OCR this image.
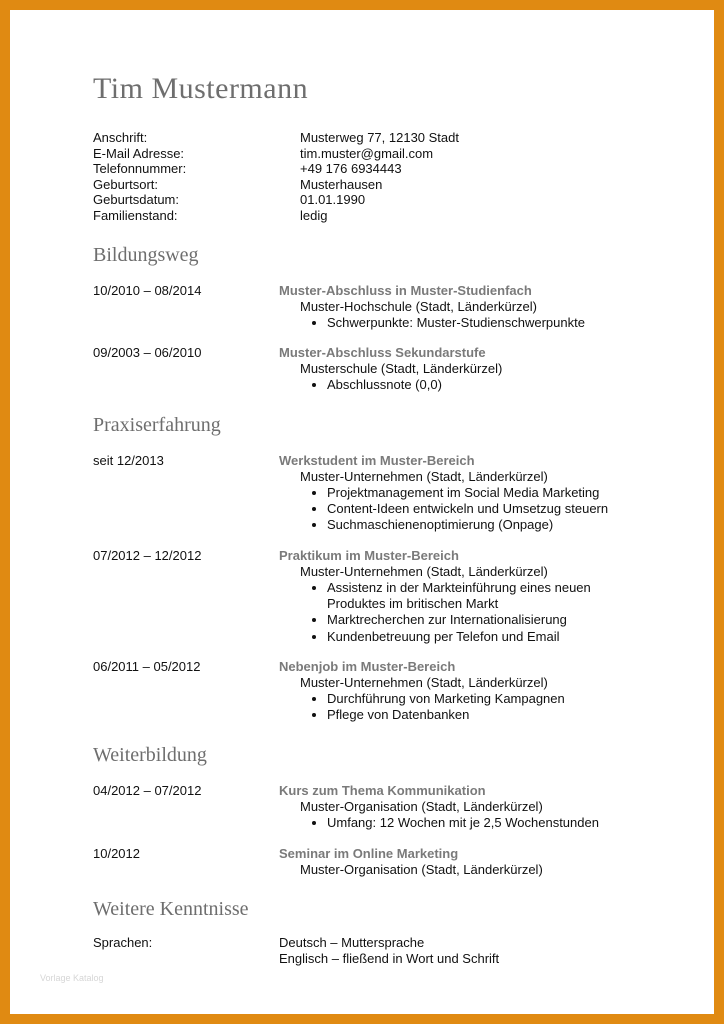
Tim Mustermann
Anschrift:	Musterweg 77, 12130 Stadt
E-Mail Adresse:	tim.muster@gmail.com
Telefonnummer:	+49 176 6934443
Geburtsort:	Musterhausen
Geburtsdatum:	01.01.1990
Familienstand:	ledig
Bildungsweg
10/2010 – 08/2014	Muster-Abschluss in Muster-Studienfach
Muster-Hochschule (Stadt, Länderkürzel)
• Schwerpunkte: Muster-Studienschwerpunkte
09/2003 – 06/2010	Muster-Abschluss Sekundarstufe
Musterschule (Stadt, Länderkürzel)
• Abschlussnote (0,0)
Praxiserfahrung
seit 12/2013	Werkstudent im Muster-Bereich
Muster-Unternehmen (Stadt, Länderkürzel)
• Projektmanagement im Social Media Marketing
• Content-Ideen entwickeln und Umsetzug steuern
• Suchmaschienenoptimierung (Onpage)
07/2012 – 12/2012	Praktikum im Muster-Bereich
Muster-Unternehmen (Stadt, Länderkürzel)
• Assistenz in der Markteinführung eines neuen Produktes im britischen Markt
• Marktrecherchen zur Internationalisierung
• Kundenbetreuung per Telefon und Email
06/2011 – 05/2012	Nebenjob im Muster-Bereich
Muster-Unternehmen (Stadt, Länderkürzel)
• Durchführung von Marketing Kampagnen
• Pflege von Datenbanken
Weiterbildung
04/2012 – 07/2012	Kurs zum Thema Kommunikation
Muster-Organisation (Stadt, Länderkürzel)
• Umfang: 12 Wochen mit je 2,5 Wochenstunden
10/2012	Seminar im Online Marketing
Muster-Organisation (Stadt, Länderkürzel)
Weitere Kenntnisse
Sprachen:	Deutsch – Muttersprache
Englisch – fließend in Wort und Schrift
Vorlage Katalog
